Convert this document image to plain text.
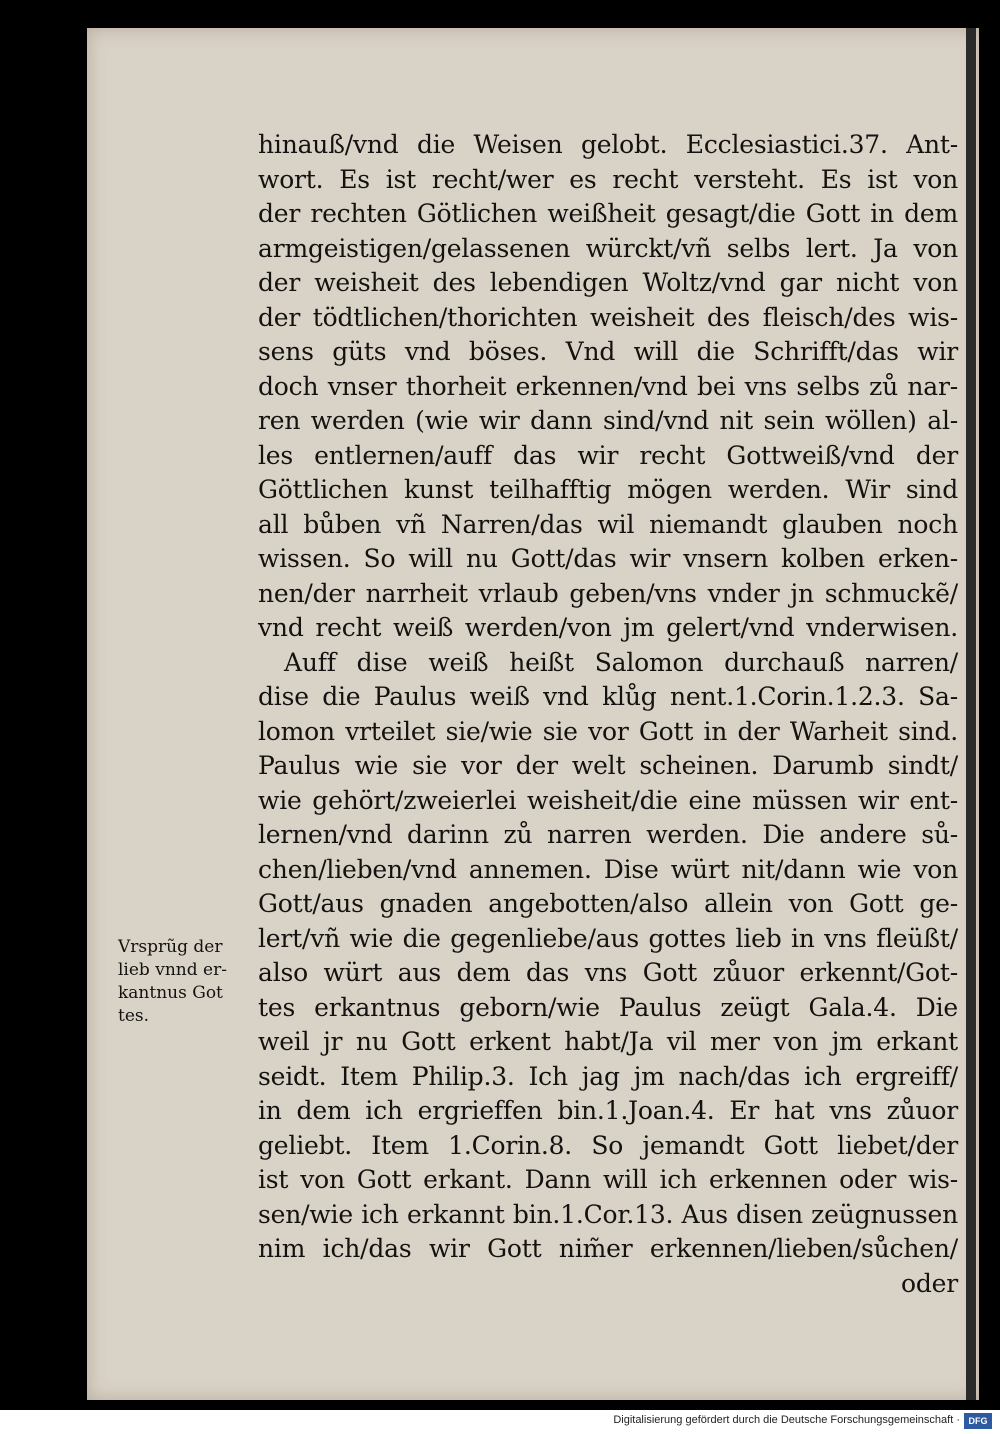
hinauß/vnd die Weisen gelobt. Ecclesiastici.37. Ant-
wort. Es ist recht/wer es recht versteht. Es ist von
der rechten Götlichen weißheit gesagt/die Gott in dem
armgeistigen/gelassenen würckt/vñ selbs lert. Ja von
der weisheit des lebendigen Woltz/vnd gar nicht von
der tödtlichen/thorichten weisheit des fleisch/des wis-
sens güts vnd böses. Vnd will die Schrifft/das wir
doch vnser thorheit erkennen/vnd bei vns selbs zů nar-
ren werden (wie wir dann sind/vnd nit sein wöllen) al-
les entlernen/auff das wir recht Gottweiß/vnd der
Göttlichen kunst teilhafftig mögen werden. Wir sind
all bůben vñ Narren/das wil niemandt glauben noch
wissen. So will nu Gott/das wir vnsern kolben erken-
nen/der narrheit vrlaub geben/vns vnder jn schmuckẽ/
vnd recht weiß werden/von jm gelert/vnd vnderwisen.
Auff dise weiß heißt Salomon durchauß narren/
dise die Paulus weiß vnd klůg nent.1.Corin.1.2.3. Sa-
lomon vrteilet sie/wie sie vor Gott in der Warheit sind.
Paulus wie sie vor der welt scheinen. Darumb sindt/
wie gehört/zweierlei weisheit/die eine müssen wir ent-
lernen/vnd darinn zů narren werden. Die andere sů-
chen/lieben/vnd annemen. Dise würt nit/dann wie von
Gott/aus gnaden angebotten/also allein von Gott ge-
lert/vñ wie die gegenliebe/aus gottes lieb in vns fleüßt/
also würt aus dem das vns Gott zůuor erkennt/Got-
tes erkantnus geborn/wie Paulus zeügt Gala.4. Die
weil jr nu Gott erkent habt/Ja vil mer von jm erkant
seidt. Item Philip.3. Ich jag jm nach/das ich ergreiff/
in dem ich ergrieffen bin.1.Joan.4. Er hat vns zůuor
geliebt. Item 1.Corin.8. So jemandt Gott liebet/der
ist von Gott erkant. Dann will ich erkennen oder wis-
sen/wie ich erkannt bin.1.Cor.13. Aus disen zeügnussen
nim ich/das wir Gott nim̃er erkennen/lieben/sůchen/
oder
Vrsprũg der
lieb vnnd er-
kantnus Got
tes.
Digitalisierung gefördert durch die Deutsche Forschungsgemeinschaft · DFG
